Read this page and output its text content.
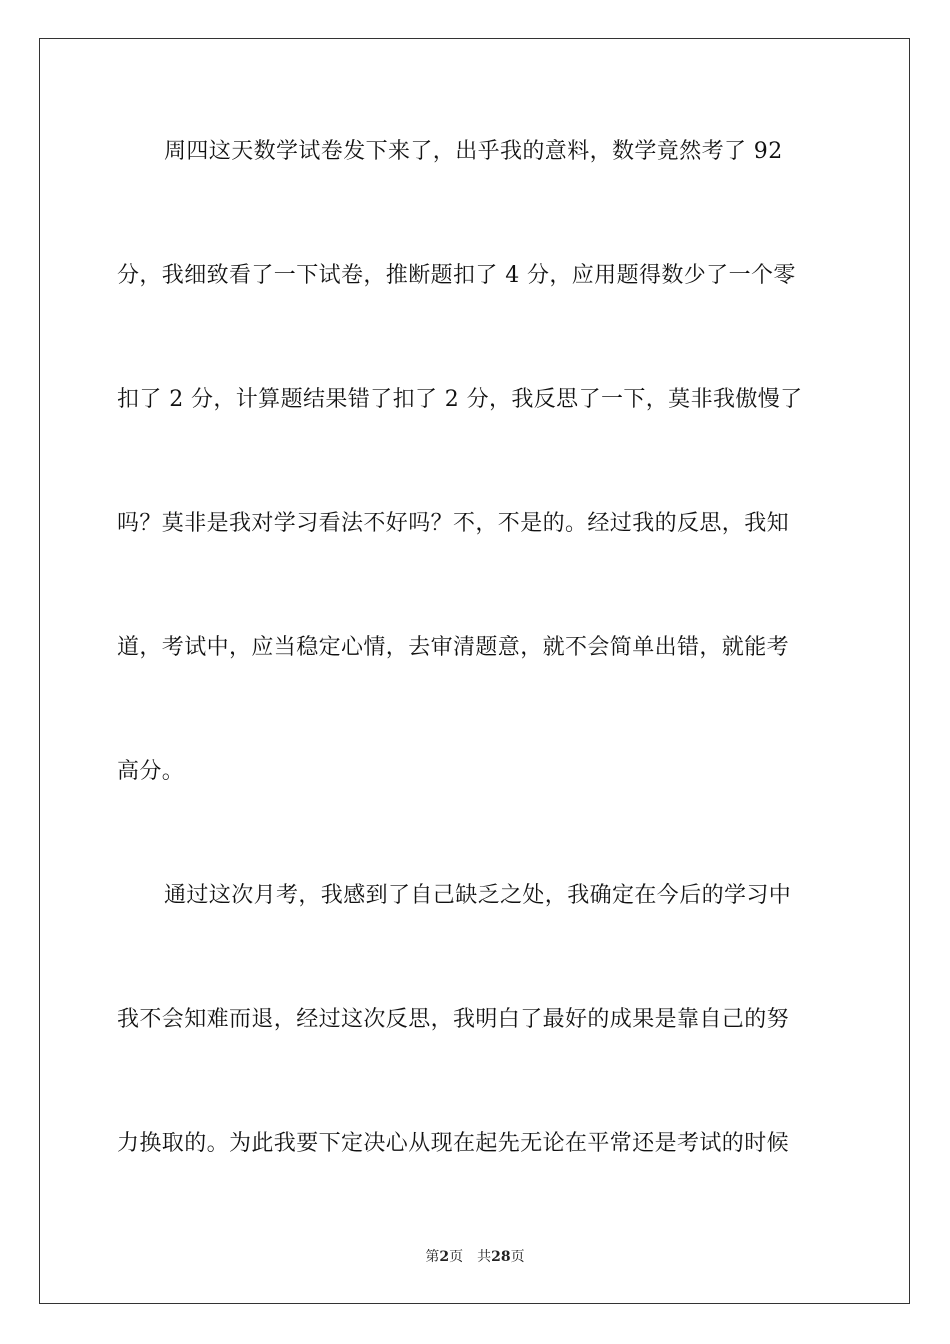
周四这天数学试卷发下来了，出乎我的意料，数学竟然考了 92
分，我细致看了一下试卷，推断题扣了 4 分，应用题得数少了一个零
扣了 2 分，计算题结果错了扣了 2 分，我反思了一下，莫非我傲慢了
吗？莫非是我对学习看法不好吗？不，不是的。经过我的反思，我知
道，考试中，应当稳定心情，去审清题意，就不会简单出错，就能考
高分。
通过这次月考，我感到了自己缺乏之处，我确定在今后的学习中
我不会知难而退，经过这次反思，我明白了最好的成果是靠自己的努
力换取的。为此我要下定决心从现在起先无论在平常还是考试的时候
第2页 共28页
